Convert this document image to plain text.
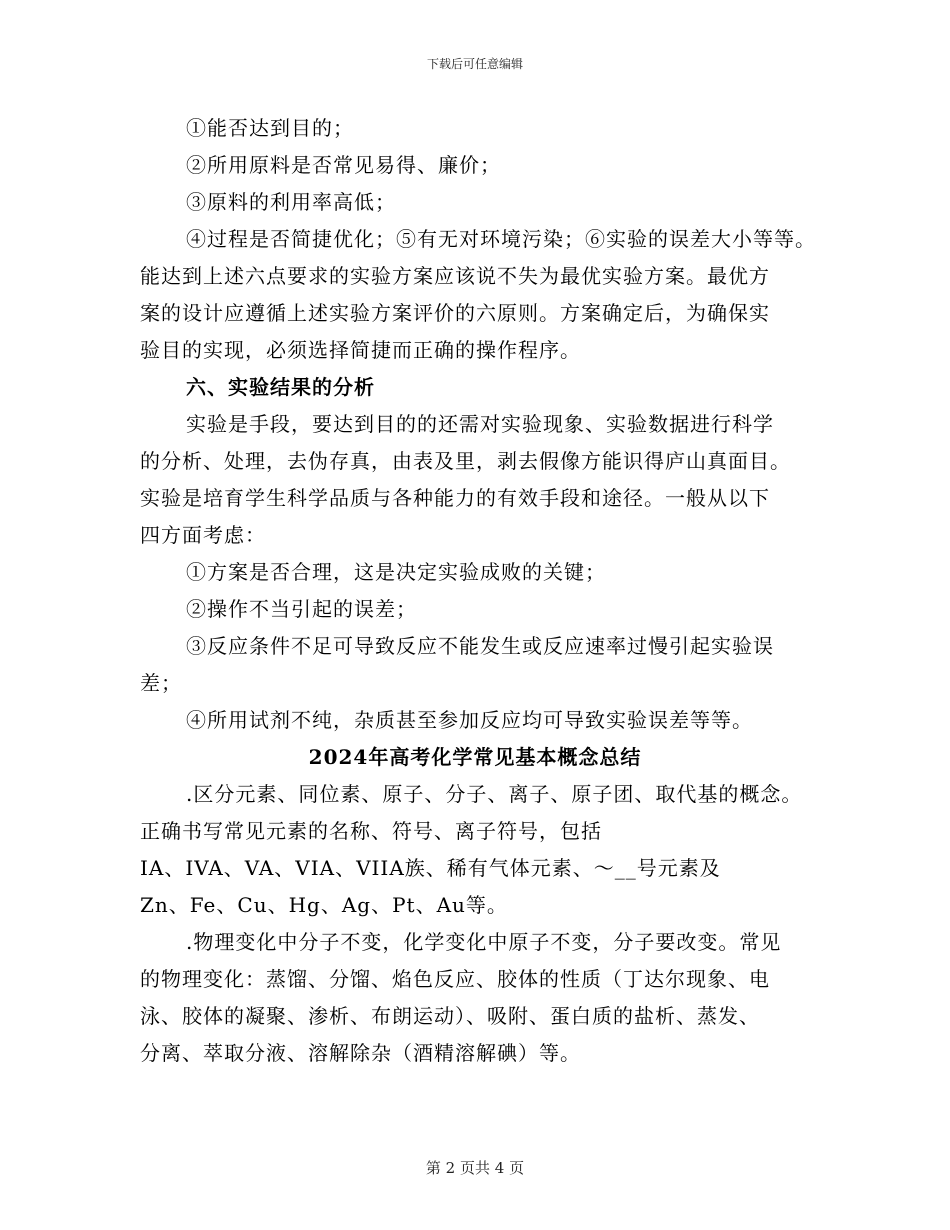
下载后可任意编辑
①能否达到目的；
②所用原料是否常见易得、廉价；
③原料的利用率高低；
④过程是否简捷优化；⑤有无对环境污染；⑥实验的误差大小等等。
能达到上述六点要求的实验方案应该说不失为最优实验方案。最优方
案的设计应遵循上述实验方案评价的六原则。方案确定后，为确保实
验目的实现，必须选择简捷而正确的操作程序。
六、实验结果的分析
实验是手段，要达到目的的还需对实验现象、实验数据进行科学
的分析、处理，去伪存真，由表及里，剥去假像方能识得庐山真面目。
实验是培育学生科学品质与各种能力的有效手段和途径。一般从以下
四方面考虑：
①方案是否合理，这是决定实验成败的关键；
②操作不当引起的误差；
③反应条件不足可导致反应不能发生或反应速率过慢引起实验误
差；
④所用试剂不纯，杂质甚至参加反应均可导致实验误差等等。
2024年高考化学常见基本概念总结
.区分元素、同位素、原子、分子、离子、原子团、取代基的概念。
正确书写常见元素的名称、符号、离子符号，包括
IA、IVA、VA、VIA、VIIA族、稀有气体元素、～__号元素及
Zn、Fe、Cu、Hg、Ag、Pt、Au等。
.物理变化中分子不变，化学变化中原子不变，分子要改变。常见
的物理变化：蒸馏、分馏、焰色反应、胶体的性质（丁达尔现象、电
泳、胶体的凝聚、渗析、布朗运动）、吸附、蛋白质的盐析、蒸发、
分离、萃取分液、溶解除杂（酒精溶解碘）等。
第 2 页共 4 页
